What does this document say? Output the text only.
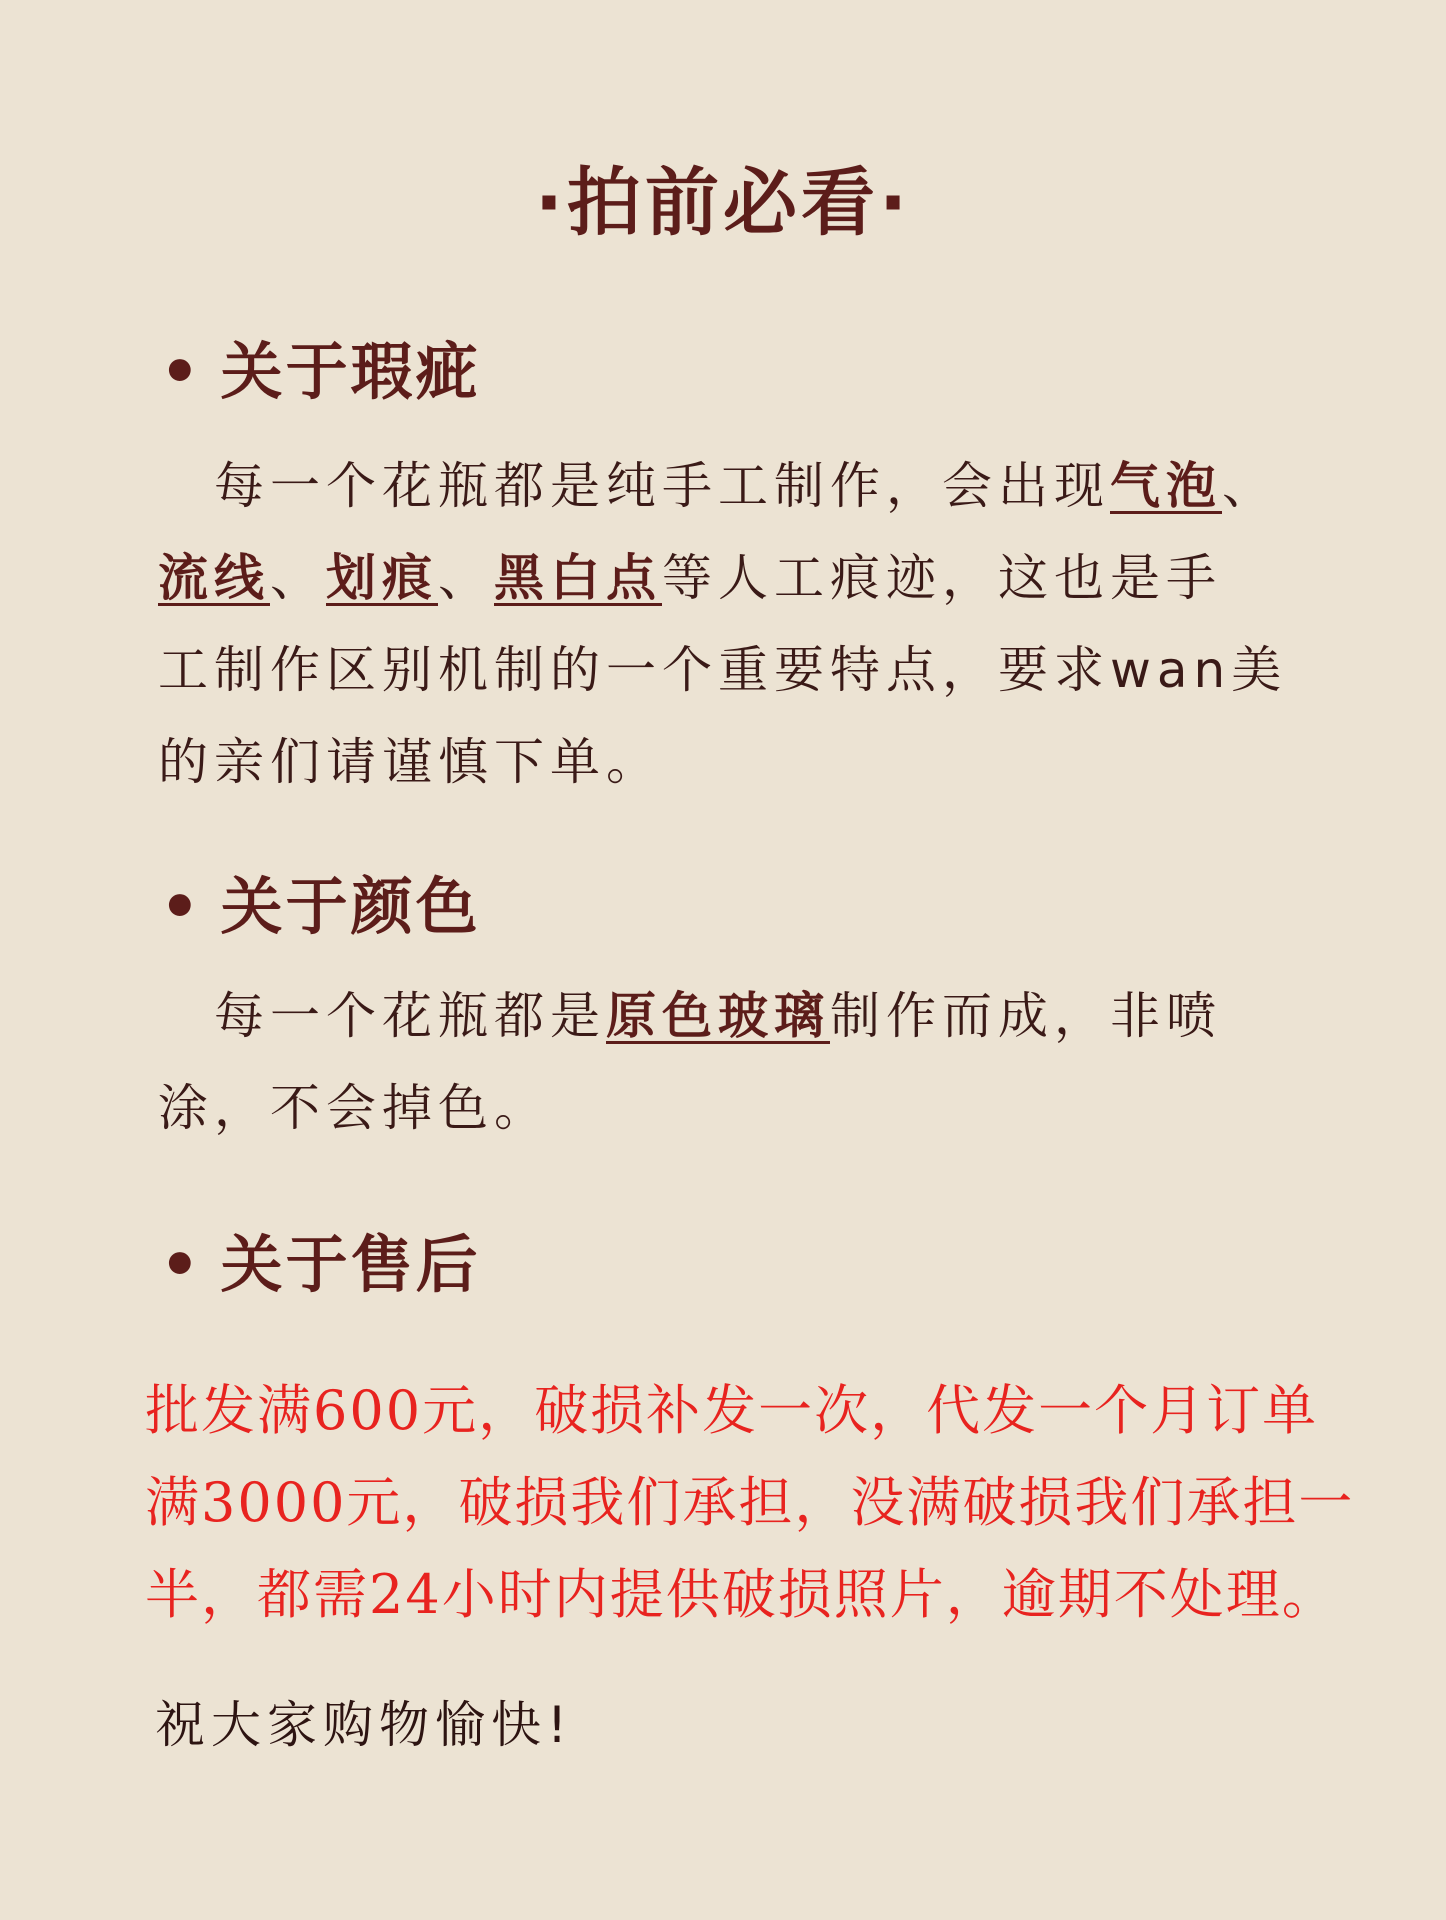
·拍前必看·
• 关于瑕疵
　每一个花瓶都是纯手工制作，会出现气泡、
流线、划痕、黑白点等人工痕迹，这也是手
工制作区别机制的一个重要特点，要求wan美
的亲们请谨慎下单。
• 关于颜色
　每一个花瓶都是原色玻璃制作而成，非喷
涂，不会掉色。
• 关于售后
批发满600元，破损补发一次，代发一个月订单
满3000元，破损我们承担，没满破损我们承担一
半，都需24小时内提供破损照片，逾期不处理。
祝大家购物愉快!
